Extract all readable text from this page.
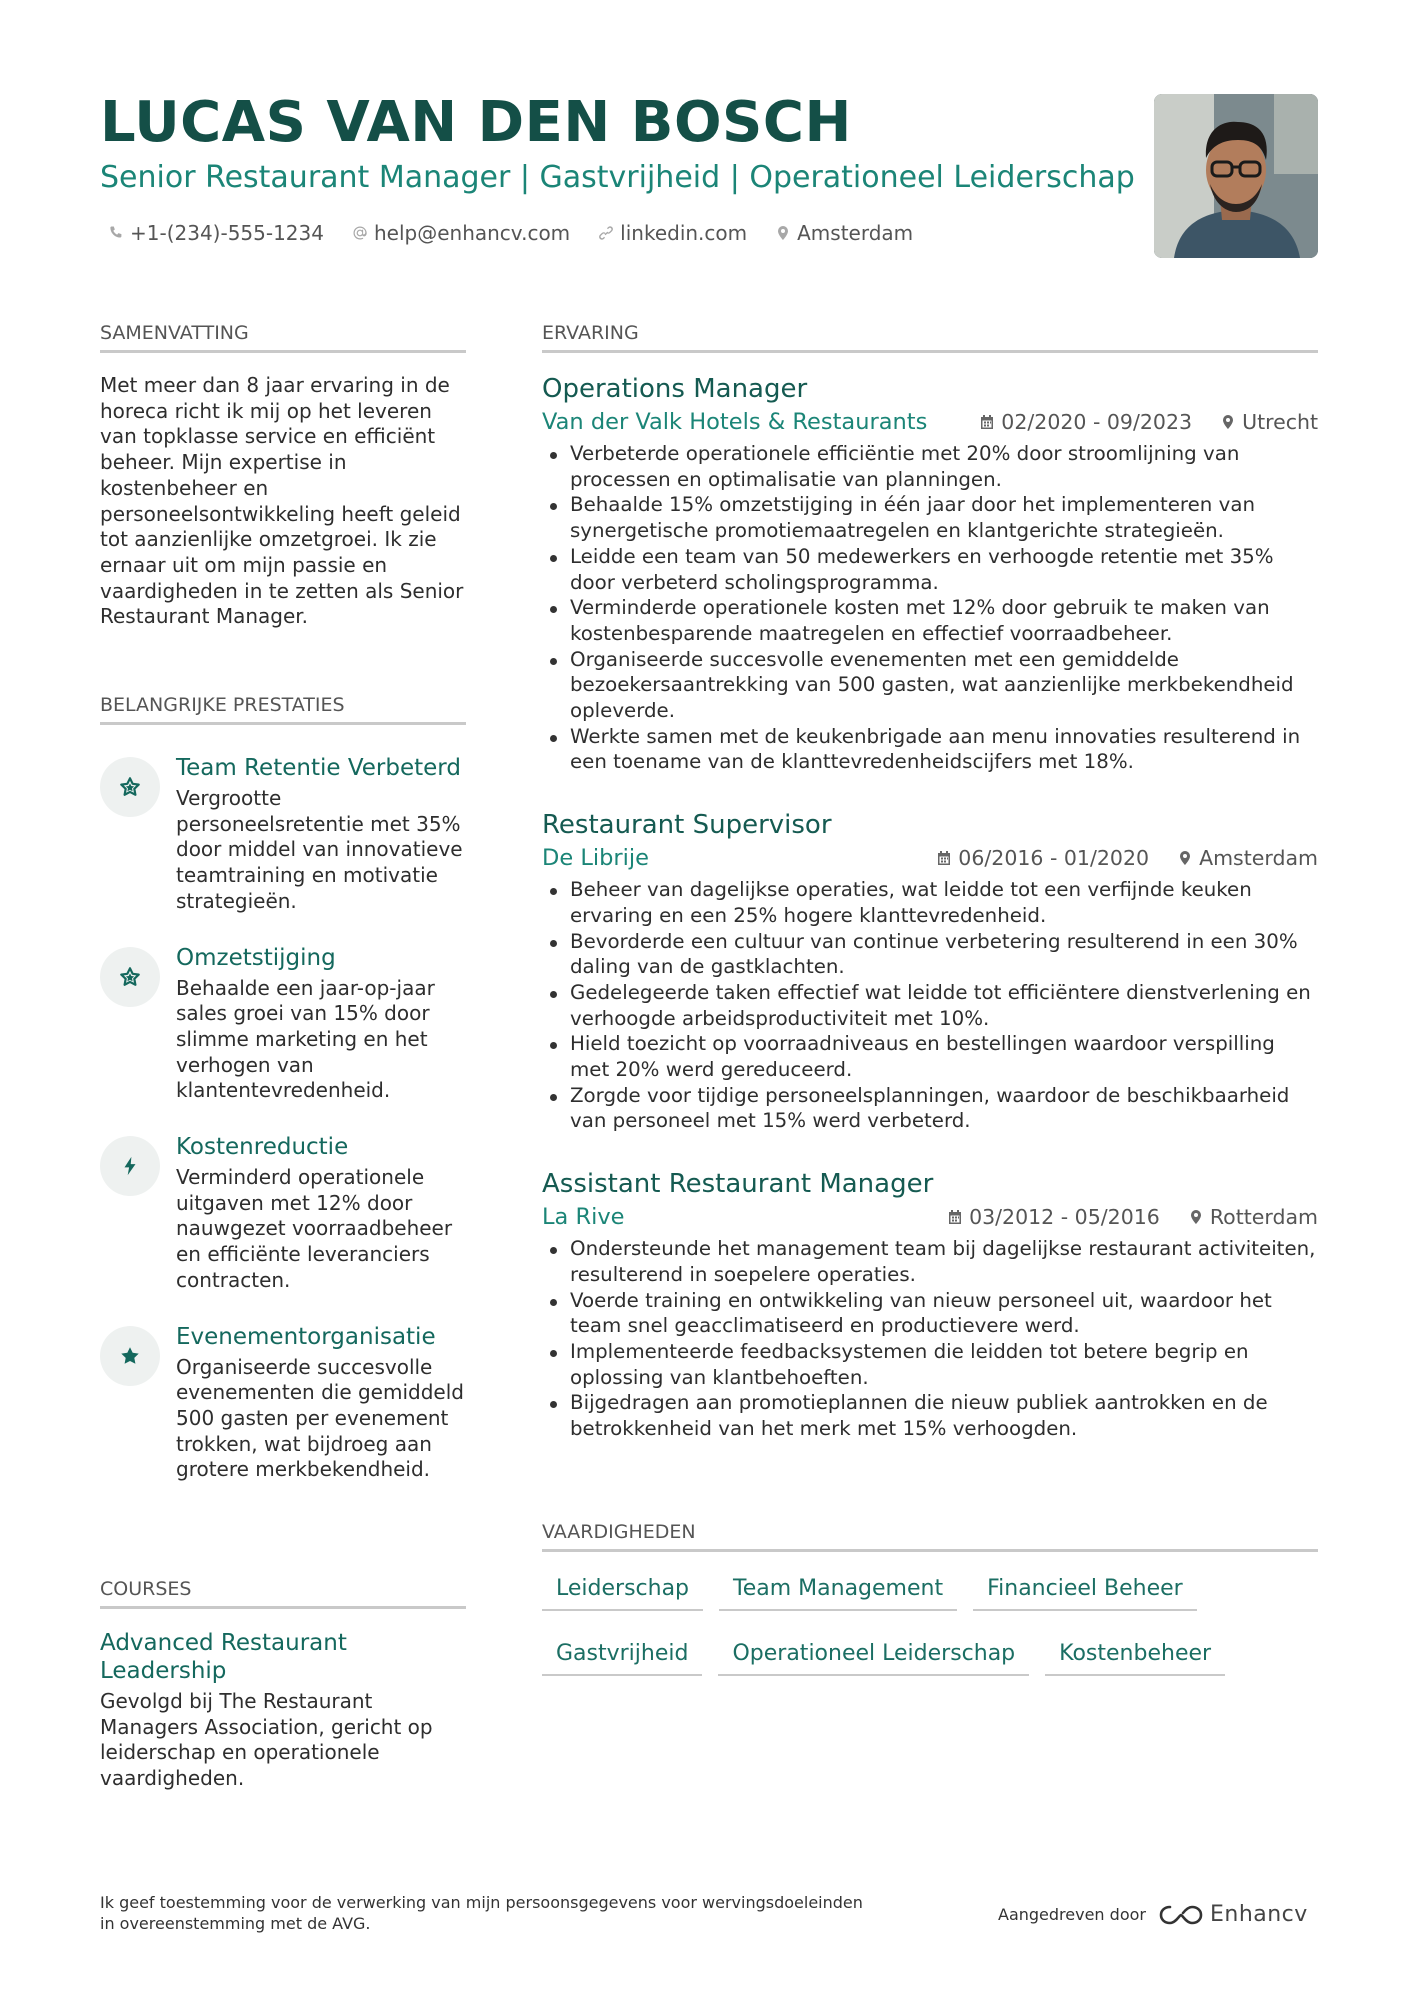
LUCAS VAN DEN BOSCH
Senior Restaurant Manager | Gastvrijheid | Operationeel Leiderschap
+1-(234)-555-1234	help@enhancv.com	linkedin.com	Amsterdam
SAMENVATTING

Met meer dan 8 jaar ervaring in de horeca richt ik mij op het leveren van topklasse service en efficiënt beheer. Mijn expertise in kostenbeheer en personeelsontwikkeling heeft geleid tot aanzienlijke omzetgroei. Ik zie ernaar uit om mijn passie en vaardigheden in te zetten als Senior Restaurant Manager.

BELANGRIJKE PRESTATIES
Team Retentie Verbeterd
Vergrootte personeelsretentie met 35% door middel van innovatieve teamtraining en motivatie strategieën.
Omzetstijging
Behaalde een jaar-op-jaar sales groei van 15% door slimme marketing en het verhogen van klantentevredenheid.
Kostenreductie
Verminderd operationele uitgaven met 12% door nauwgezet voorraadbeheer en efficiënte leveranciers contracten.
Evenementorganisatie
Organiseerde succesvolle evenementen die gemiddeld 500 gasten per evenement trokken, wat bijdroeg aan grotere merkbekendheid.
COURSES
Advanced Restaurant Leadership
Gevolgd bij The Restaurant Managers Association, gericht op leiderschap en operationele vaardigheden.
ERVARING
Operations Manager
Van der Valk Hotels & Restaurants	02/2020 - 09/2023 Utrecht
Verbeterde operationele efficiëntie met 20% door stroomlijning van processen en optimalisatie van planningen.
Behaalde 15% omzetstijging in één jaar door het implementeren van synergetische promotiemaatregelen en klantgerichte strategieën.
Leidde een team van 50 medewerkers en verhoogde retentie met 35% door verbeterd scholingsprogramma.
Verminderde operationele kosten met 12% door gebruik te maken van kostenbesparende maatregelen en effectief voorraadbeheer.
Organiseerde succesvolle evenementen met een gemiddelde bezoekersaantrekking van 500 gasten, wat aanzienlijke merkbekendheid opleverde.
Werkte samen met de keukenbrigade aan menu innovaties resulterend in een toename van de klanttevredenheidscijfers met 18%.
Restaurant Supervisor
De Librije	06/2016 - 01/2020 Amsterdam
Beheer van dagelijkse operaties, wat leidde tot een verfijnde keuken ervaring en een 25% hogere klanttevredenheid.
Bevorderde een cultuur van continue verbetering resulterend in een 30% daling van de gastklachten.
Gedelegeerde taken effectief wat leidde tot efficiëntere dienstverlening en verhoogde arbeidsproductiviteit met 10%.
Hield toezicht op voorraadniveaus en bestellingen waardoor verspilling met 20% werd gereduceerd.
Zorgde voor tijdige personeelsplanningen, waardoor de beschikbaarheid van personeel met 15% werd verbeterd.
Assistant Restaurant Manager
La Rive	03/2012 - 05/2016 Rotterdam
Ondersteunde het management team bij dagelijkse restaurant activiteiten, resulterend in soepelere operaties.
Voerde training en ontwikkeling van nieuw personeel uit, waardoor het team snel geacclimatiseerd en productievere werd.
Implementeerde feedbacksystemen die leidden tot betere begrip en oplossing van klantbehoeften.
Bijgedragen aan promotieplannen die nieuw publiek aantrokken en de betrokkenheid van het merk met 15% verhoogden.
VAARDIGHEDEN
Leiderschap	Team Management	Financieel Beheer
Gastvrijheid	Operationeel Leiderschap	Kostenbeheer
Ik geef toestemming voor de verwerking van mijn persoonsgegevens voor wervingsdoeleinden in overeenstemming met de AVG.	Aangedreven door	Enhancv
